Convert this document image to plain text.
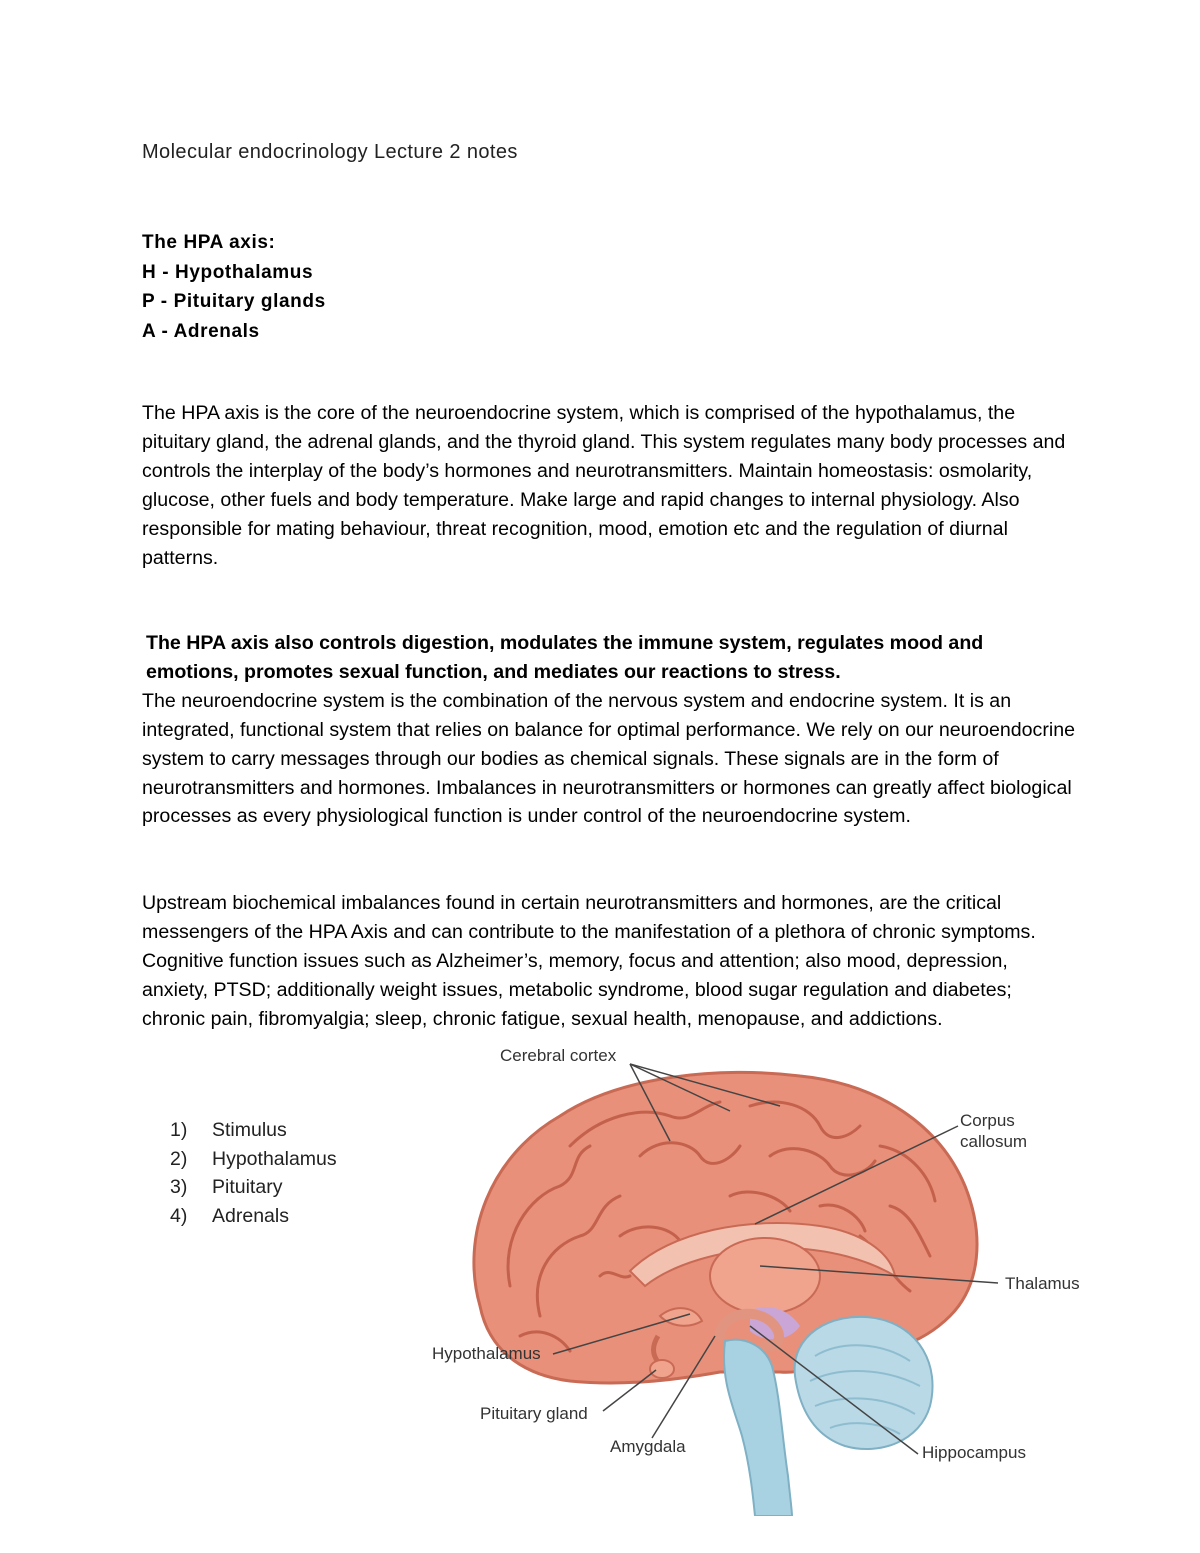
Molecular endocrinology Lecture 2 notes
The HPA axis:
H - Hypothalamus
P - Pituitary glands
A - Adrenals

The HPA axis is the core of the neuroendocrine system, which is comprised of the hypothalamus, the pituitary gland, the adrenal glands, and the thyroid gland. This system regulates many body processes and controls the interplay of the body’s hormones and neurotransmitters. Maintain homeostasis: osmolarity, glucose, other fuels and body temperature. Make large and rapid changes to internal physiology. Also responsible for mating behaviour, threat recognition, mood, emotion etc and the regulation of diurnal patterns.

The HPA axis also controls digestion, modulates the immune system, regulates mood and emotions, promotes sexual function, and mediates our reactions to stress.
The neuroendocrine system is the combination of the nervous system and endocrine system. It is an integrated, functional system that relies on balance for optimal performance. We rely on our neuroendocrine system to carry messages through our bodies as chemical signals. These signals are in the form of neurotransmitters and hormones. Imbalances in neurotransmitters or hormones can greatly affect biological processes as every physiological function is under control of the neuroendocrine system.

Upstream biochemical imbalances found in certain neurotransmitters and hormones, are the critical messengers of the HPA Axis and can contribute to the manifestation of a plethora of chronic symptoms. Cognitive function issues such as Alzheimer’s, memory, focus and attention; also mood, depression, anxiety, PTSD; additionally weight issues, metabolic syndrome, blood sugar regulation and diabetes; chronic pain, fibromyalgia; sleep, chronic fatigue, sexual health, menopause, and addictions.

1) Stimulus
2) Hypothalamus
3) Pituitary
4) Adrenals
Cerebral cortex
Corpus
callosum
Thalamus
Hypothalamus
Pituitary gland
Amygdala	Hippocampus
